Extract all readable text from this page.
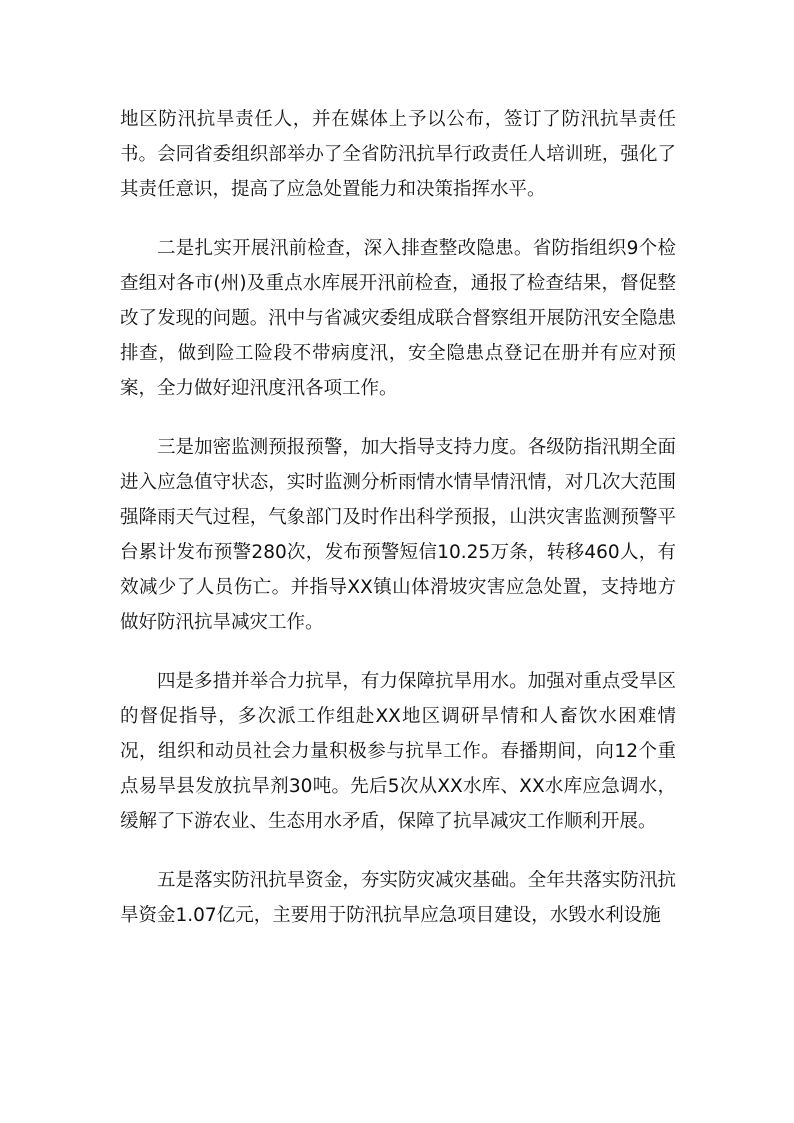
地区防汛抗旱责任人，并在媒体上予以公布，签订了防汛抗旱责任书。会同省委组织部举办了全省防汛抗旱行政责任人培训班，强化了其责任意识，提高了应急处置能力和决策指挥水平。

二是扎实开展汛前检查，深入排查整改隐患。省防指组织9个检查组对各市(州)及重点水库展开汛前检查，通报了检查结果，督促整改了发现的问题。汛中与省减灾委组成联合督察组开展防汛安全隐患排查，做到险工险段不带病度汛，安全隐患点登记在册并有应对预案，全力做好迎汛度汛各项工作。

三是加密监测预报预警，加大指导支持力度。各级防指汛期全面进入应急值守状态，实时监测分析雨情水情旱情汛情，对几次大范围强降雨天气过程，气象部门及时作出科学预报，山洪灾害监测预警平台累计发布预警280次，发布预警短信10.25万条，转移460人，有效减少了人员伤亡。并指导XX镇山体滑坡灾害应急处置，支持地方做好防汛抗旱减灾工作。

四是多措并举合力抗旱，有力保障抗旱用水。加强对重点受旱区的督促指导，多次派工作组赴XX地区调研旱情和人畜饮水困难情况，组织和动员社会力量积极参与抗旱工作。春播期间，向12个重点易旱县发放抗旱剂30吨。先后5次从XX水库、XX水库应急调水，缓解了下游农业、生态用水矛盾，保障了抗旱减灾工作顺利开展。

五是落实防汛抗旱资金，夯实防灾减灾基础。全年共落实防汛抗旱资金1.07亿元，主要用于防汛抗旱应急项目建设，水毁水利设施
